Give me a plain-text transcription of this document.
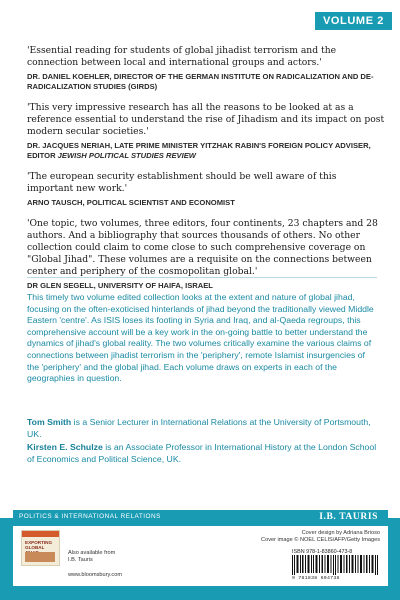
VOLUME 2

'Essential reading for students of global jihadist terrorism and the connection between local and international groups and actors.'

DR. DANIEL KOEHLER, DIRECTOR OF THE GERMAN INSTITUTE ON RADICALIZATION AND DE-RADICALIZATION STUDIES (GIRDS)

'This very impressive research has all the reasons to be looked at as a reference essential to understand the rise of Jihadism and its impact on post modern secular societies.'

DR. JACQUES NERIAH, LATE PRIME MINISTER YITZHAK RABIN'S FOREIGN POLICY ADVISER, EDITOR JEWISH POLITICAL STUDIES REVIEW

'The european security establishment should be well aware of this important new work.'

ARNO TAUSCH, POLITICAL SCIENTIST AND ECONOMIST

'One topic, two volumes, three editors, four continents, 23 chapters and 28 authors. And a bibliography that sources thousands of others. No other collection could claim to come close to such comprehensive coverage on "Global Jihad". These volumes are a requisite on the connections between center and periphery of the cosmopolitan global.'

DR GLEN SEGELL, UNIVERSITY OF HAIFA, ISRAEL

This timely two volume edited collection looks at the extent and nature of global jihad, focusing on the often-exoticised hinterlands of jihad beyond the traditionally viewed Middle Eastern 'centre'. As ISIS loses its footing in Syria and Iraq, and al-Qaeda regroups, this comprehensive account will be a key work in the on-going battle to better understand the dynamics of jihad's global reality. The two volumes critically examine the various claims of connections between jihadist terrorism in the 'periphery', remote Islamist insurgencies of the 'periphery' and the global jihad. Each volume draws on experts in each of the geographies in question.

Tom Smith is a Senior Lecturer in International Relations at the University of Portsmouth, UK.

Kirsten E. Schulze is an Associate Professor in International History at the London School of Economics and Political Science, UK.

POLITICS & INTERNATIONAL RELATIONS	I.B. TAURIS
Cover design by Adriana Brioso
Cover image © NOEL CELIS/AFP/Getty Images
EXPORTING GLOBAL
Also available from
I.B. Tauris
www.bloomsbury.com
ISBN 978-1-83860-473-8
9 781838 604738
